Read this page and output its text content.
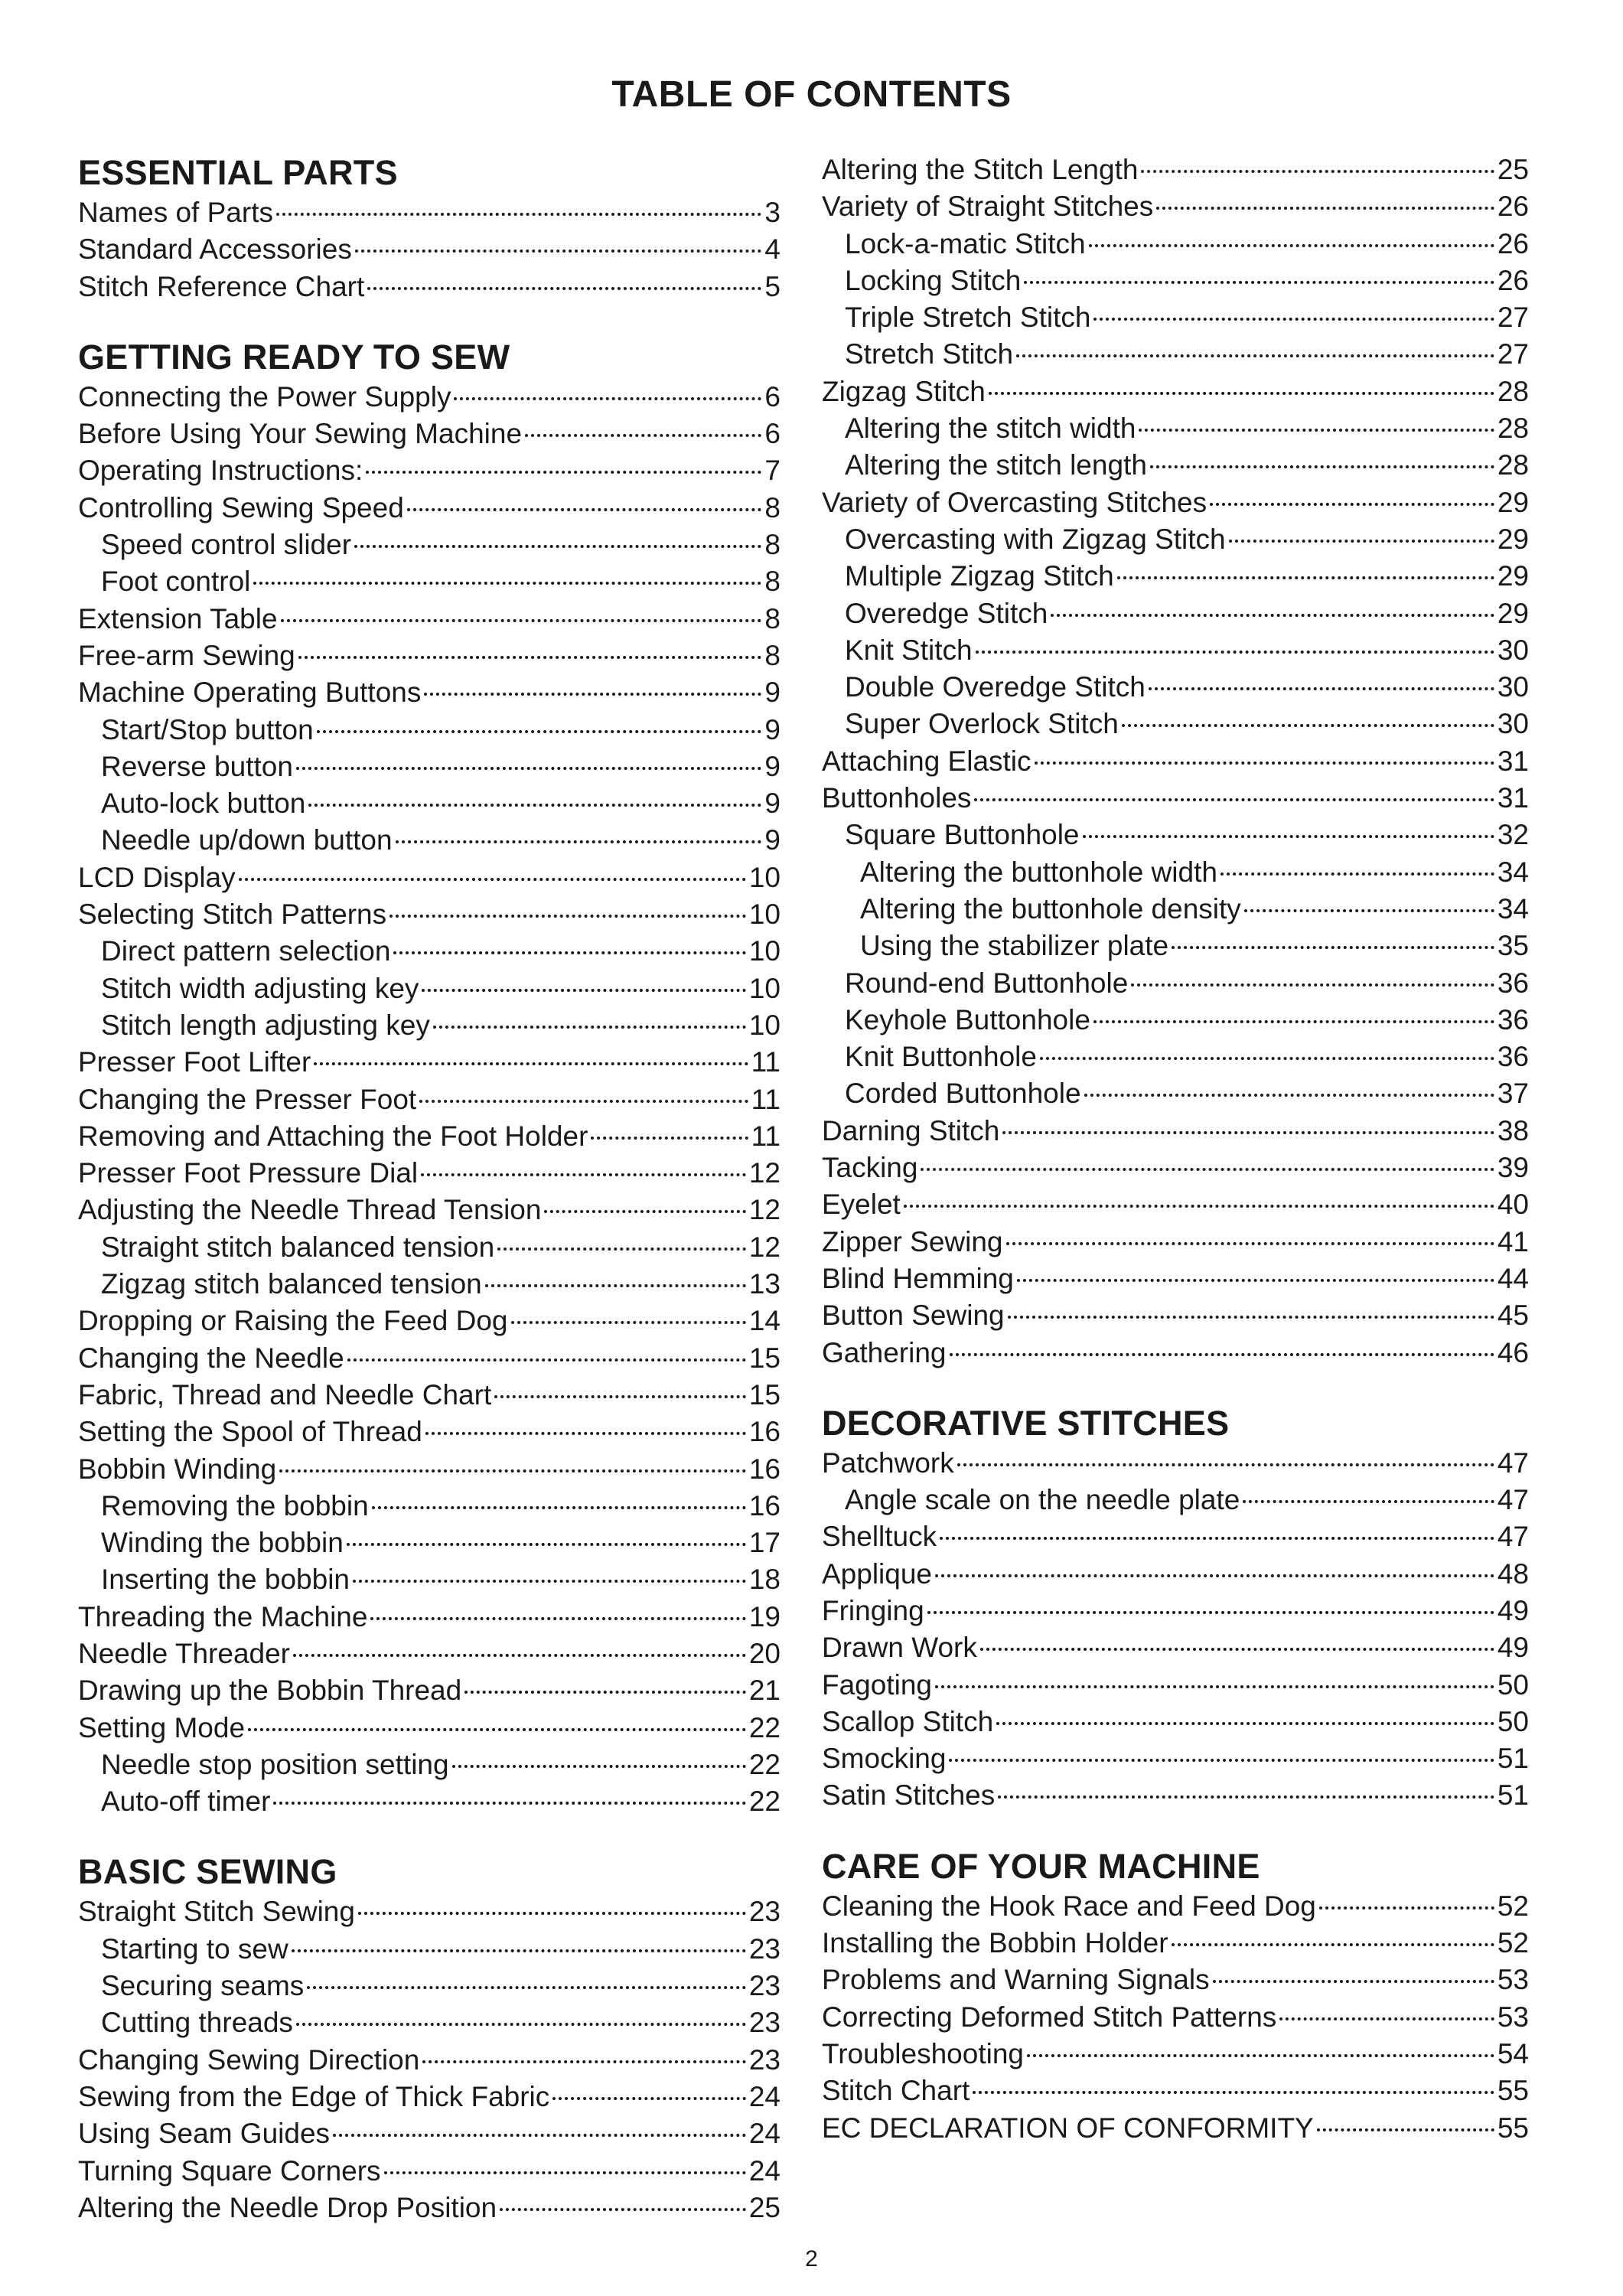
TABLE OF CONTENTS
ESSENTIAL PARTS
Names of Parts	3
Standard Accessories	4
Stitch Reference Chart	5
GETTING READY TO SEW
Connecting the Power Supply	6
Before Using Your Sewing Machine	6
Operating Instructions:	7
Controlling Sewing Speed	8
Speed control slider	8
Foot control	8
Extension Table	8
Free-arm Sewing	8
Machine Operating Buttons	9
Start/Stop button	9
Reverse button	9
Auto-lock button	9
Needle up/down button	9
LCD Display	10
Selecting Stitch Patterns	10
Direct pattern selection	10
Stitch width adjusting key	10
Stitch length adjusting key	10
Presser Foot Lifter	11
Changing the Presser Foot	11
Removing and Attaching the Foot Holder	11
Presser Foot Pressure Dial	12
Adjusting the Needle Thread Tension	12
Straight stitch balanced tension	12
Zigzag stitch balanced tension	13
Dropping or Raising the Feed Dog	14
Changing the Needle	15
Fabric, Thread and Needle Chart	15
Setting the Spool of Thread	16
Bobbin Winding	16
Removing the bobbin	16
Winding the bobbin	17
Inserting the bobbin	18
Threading the Machine	19
Needle Threader	20
Drawing up the Bobbin Thread	21
Setting Mode	22
Needle stop position setting	22
Auto-off timer	22
BASIC SEWING
Straight Stitch Sewing	23
Starting to sew	23
Securing seams	23
Cutting threads	23
Changing Sewing Direction	23
Sewing from the Edge of Thick Fabric	24
Using Seam Guides	24
Turning Square Corners	24
Altering the Needle Drop Position	25
Altering the Stitch Length	25
Variety of Straight Stitches	26
Lock-a-matic Stitch	26
Locking Stitch	26
Triple Stretch Stitch	27
Stretch Stitch	27
Zigzag Stitch	28
Altering the stitch width	28
Altering the stitch length	28
Variety of Overcasting Stitches	29
Overcasting with Zigzag Stitch	29
Multiple Zigzag Stitch	29
Overedge Stitch	29
Knit Stitch	30
Double Overedge Stitch	30
Super Overlock Stitch	30
Attaching Elastic	31
Buttonholes	31
Square Buttonhole	32
Altering the buttonhole width	34
Altering the buttonhole density	34
Using the stabilizer plate	35
Round-end Buttonhole	36
Keyhole Buttonhole	36
Knit Buttonhole	36
Corded Buttonhole	37
Darning Stitch	38
Tacking	39
Eyelet	40
Zipper Sewing	41
Blind Hemming	44
Button Sewing	45
Gathering	46
DECORATIVE STITCHES
Patchwork	47
Angle scale on the needle plate	47
Shelltuck	47
Applique	48
Fringing	49
Drawn Work	49
Fagoting	50
Scallop Stitch	50
Smocking	51
Satin Stitches	51
CARE OF YOUR MACHINE
Cleaning the Hook Race and Feed Dog	52
Installing the Bobbin Holder	52
Problems and Warning Signals	53
Correcting Deformed Stitch Patterns	53
Troubleshooting	54
Stitch Chart	55
EC DECLARATION OF CONFORMITY	55
2
